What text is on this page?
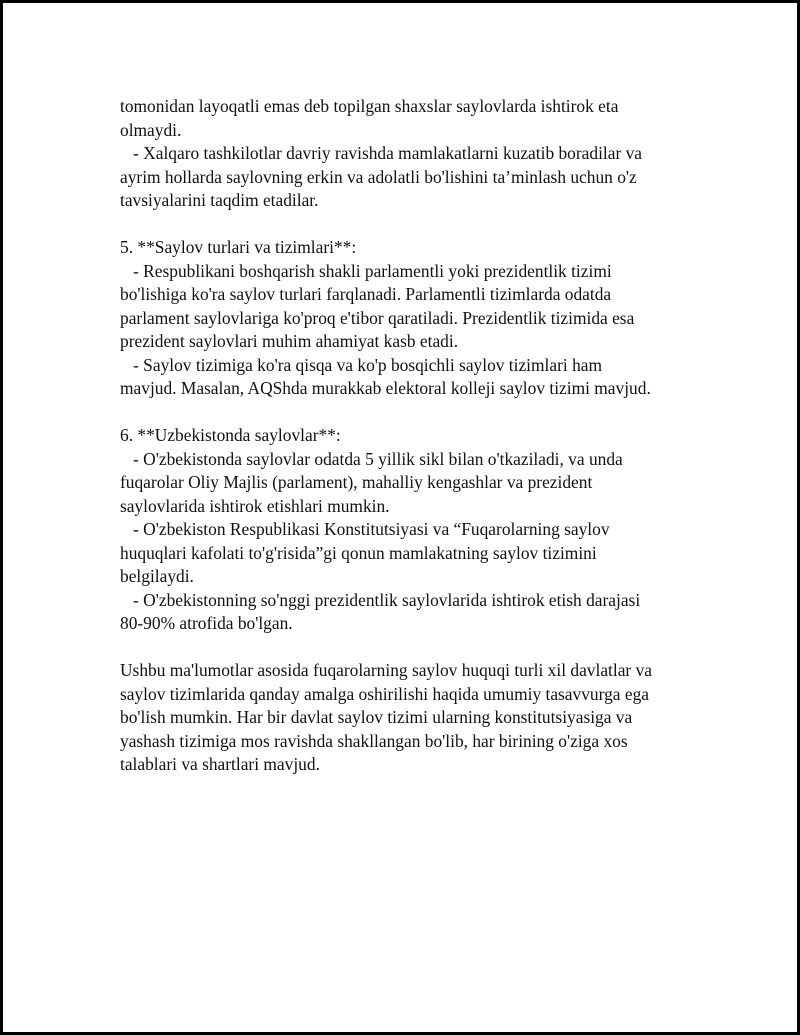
tomonidan layoqatli emas deb topilgan shaxslar saylovlarda ishtirok eta
olmaydi.
- Xalqaro tashkilotlar davriy ravishda mamlakatlarni kuzatib boradilar va
ayrim hollarda saylovning erkin va adolatli bo'lishini ta’minlash uchun o'z
tavsiyalarini taqdim etadilar.
5. **Saylov turlari va tizimlari**:
- Respublikani boshqarish shakli parlamentli yoki prezidentlik tizimi
bo'lishiga ko'ra saylov turlari farqlanadi. Parlamentli tizimlarda odatda
parlament saylovlariga ko'proq e'tibor qaratiladi. Prezidentlik tizimida esa
prezident saylovlari muhim ahamiyat kasb etadi.
- Saylov tizimiga ko'ra qisqa va ko'p bosqichli saylov tizimlari ham
mavjud. Masalan, AQShda murakkab elektoral kolleji saylov tizimi mavjud.
6. **Uzbekistonda saylovlar**:
- O'zbekistonda saylovlar odatda 5 yillik sikl bilan o'tkaziladi, va unda
fuqarolar Oliy Majlis (parlament), mahalliy kengashlar va prezident
saylovlarida ishtirok etishlari mumkin.
- O'zbekiston Respublikasi Konstitutsiyasi va “Fuqarolarning saylov
huquqlari kafolati to'g'risida”gi qonun mamlakatning saylov tizimini
belgilaydi.
- O'zbekistonning so'nggi prezidentlik saylovlarida ishtirok etish darajasi
80-90% atrofida bo'lgan.
Ushbu ma'lumotlar asosida fuqarolarning saylov huquqi turli xil davlatlar va
saylov tizimlarida qanday amalga oshirilishi haqida umumiy tasavvurga ega
bo'lish mumkin. Har bir davlat saylov tizimi ularning konstitutsiyasiga va
yashash tizimiga mos ravishda shakllangan bo'lib, har birining o'ziga xos
talablari va shartlari mavjud.
